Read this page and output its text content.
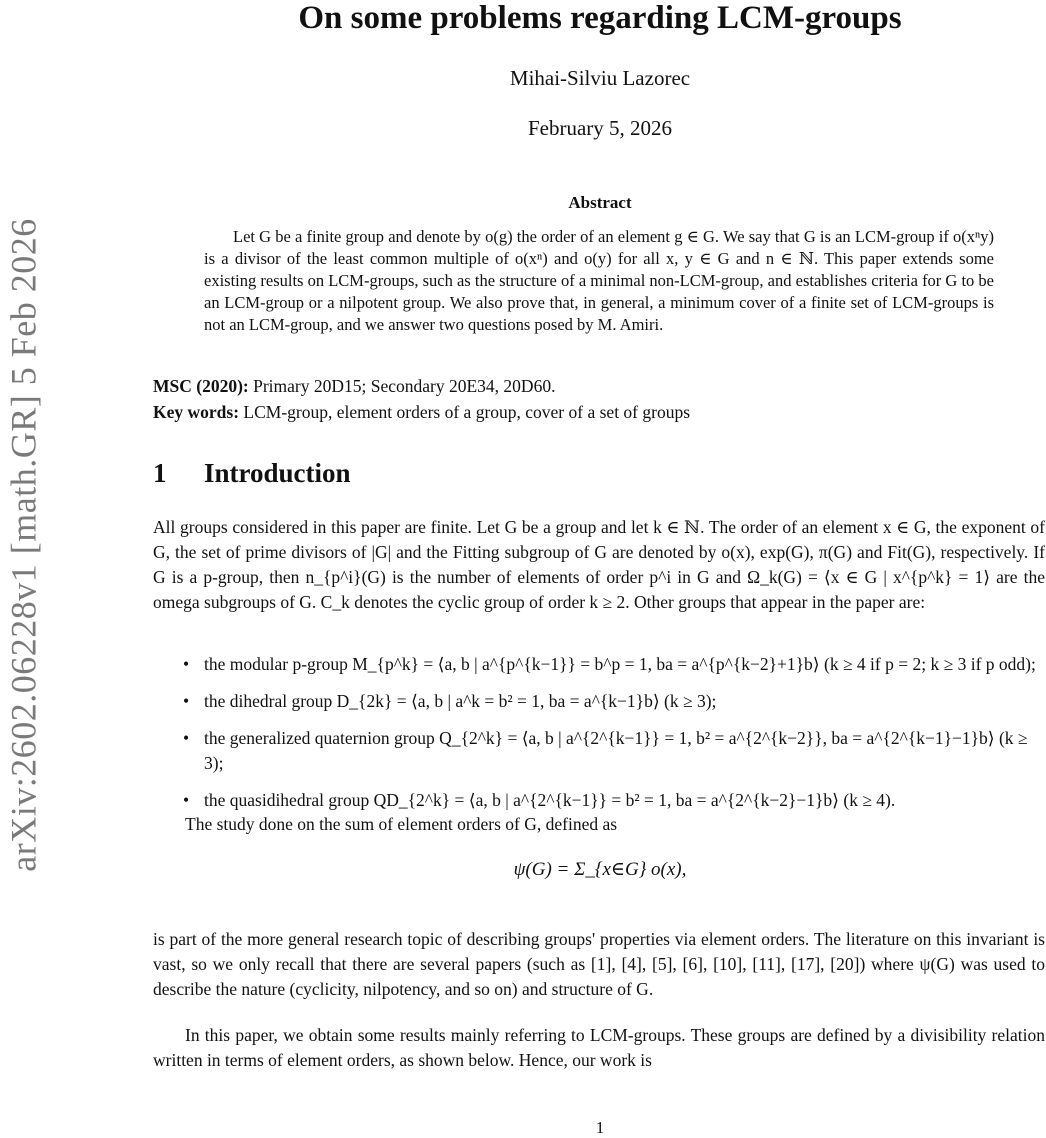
arXiv:2602.06228v1 [math.GR] 5 Feb 2026
On some problems regarding LCM-groups
Mihai-Silviu Lazorec
February 5, 2026
Abstract
Let G be a finite group and denote by o(g) the order of an element g ∈ G. We say that G is an LCM-group if o(xⁿy) is a divisor of the least common multiple of o(xⁿ) and o(y) for all x, y ∈ G and n ∈ ℕ. This paper extends some existing results on LCM-groups, such as the structure of a minimal non-LCM-group, and establishes criteria for G to be an LCM-group or a nilpotent group. We also prove that, in general, a minimum cover of a finite set of LCM-groups is not an LCM-group, and we answer two questions posed by M. Amiri.
MSC (2020): Primary 20D15; Secondary 20E34, 20D60.
Key words: LCM-group, element orders of a group, cover of a set of groups
1 Introduction
All groups considered in this paper are finite. Let G be a group and let k ∈ ℕ. The order of an element x ∈ G, the exponent of G, the set of prime divisors of |G| and the Fitting subgroup of G are denoted by o(x), exp(G), π(G) and Fit(G), respectively. If G is a p-group, then n_{p^i}(G) is the number of elements of order p^i in G and Ω_k(G) = ⟨x ∈ G | x^{p^k} = 1⟩ are the omega subgroups of G. C_k denotes the cyclic group of order k ≥ 2. Other groups that appear in the paper are:
• the modular p-group M_{p^k} = ⟨a, b | a^{p^{k−1}} = b^p = 1, ba = a^{p^{k−2}+1}b⟩ (k ≥ 4 if p = 2; k ≥ 3 if p odd);
• the dihedral group D_{2k} = ⟨a, b | a^k = b² = 1, ba = a^{k−1}b⟩ (k ≥ 3);
• the generalized quaternion group Q_{2^k} = ⟨a, b | a^{2^{k−1}} = 1, b² = a^{2^{k−2}}, ba = a^{2^{k−1}−1}b⟩ (k ≥ 3);
• the quasidihedral group QD_{2^k} = ⟨a, b | a^{2^{k−1}} = b² = 1, ba = a^{2^{k−2}−1}b⟩ (k ≥ 4).
The study done on the sum of element orders of G, defined as
ψ(G) = Σ_{x∈G} o(x),
is part of the more general research topic of describing groups' properties via element orders. The literature on this invariant is vast, so we only recall that there are several papers (such as [1], [4], [5], [6], [10], [11], [17], [20]) where ψ(G) was used to describe the nature (cyclicity, nilpotency, and so on) and structure of G.
In this paper, we obtain some results mainly referring to LCM-groups. These groups are defined by a divisibility relation written in terms of element orders, as shown below. Hence, our work is
1
